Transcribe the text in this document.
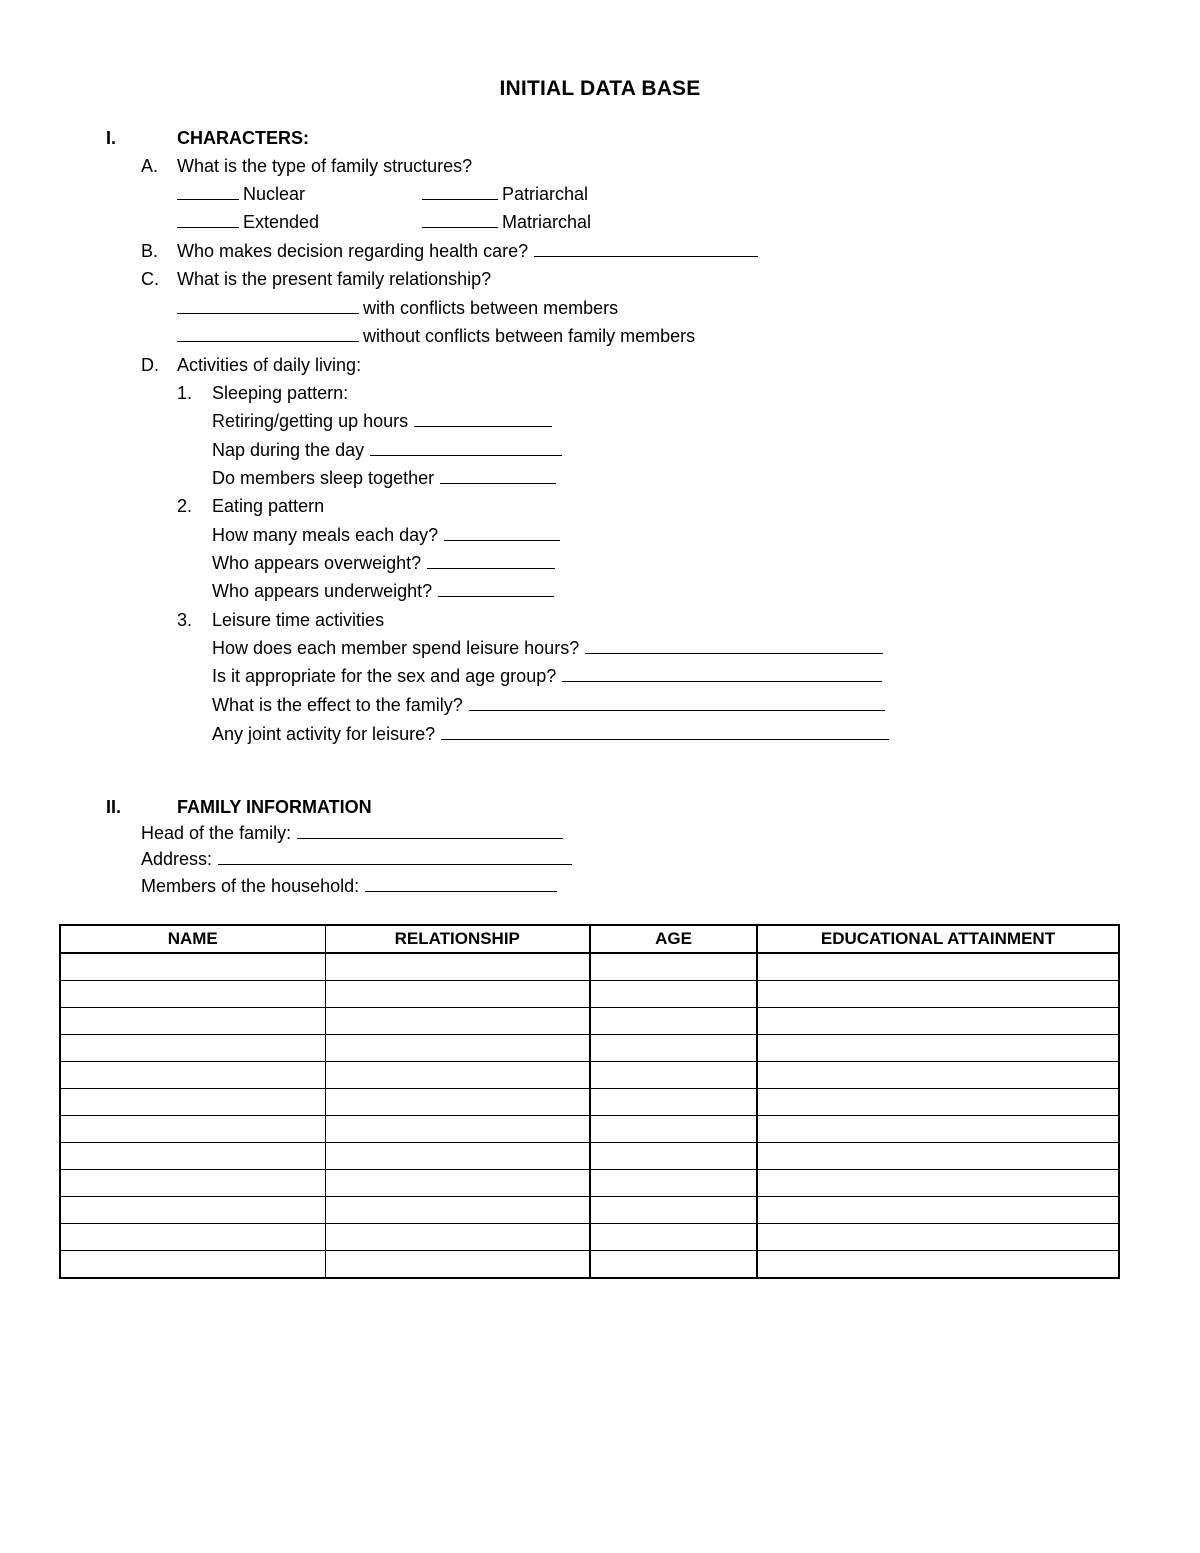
INITIAL DATA BASE
I.	CHARACTERS:
A. What is the type of family structures?
Nuclear	Patriarchal
Extended	Matriarchal
B. Who makes decision regarding health care?
C. What is the present family relationship?
with conflicts between members
without conflicts between family members
D. Activities of daily living:
1. Sleeping pattern:
Retiring/getting up hours
Nap during the day
Do members sleep together
2. Eating pattern
How many meals each day?
Who appears overweight?
Who appears underweight?
3. Leisure time activities
How does each member spend leisure hours?
Is it appropriate for the sex and age group?
What is the effect to the family?
Any joint activity for leisure?
II.	FAMILY INFORMATION
Head of the family:
Address:
Members of the household:
NAME	RELATIONSHIP	AGE	EDUCATIONAL ATTAINMENT
